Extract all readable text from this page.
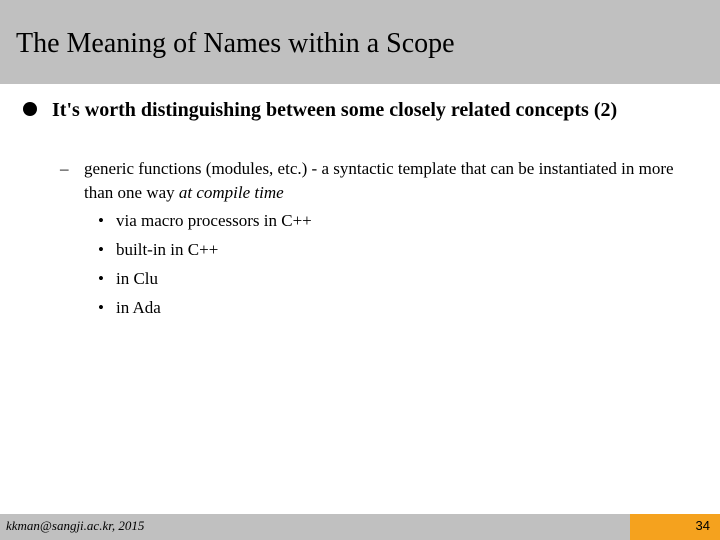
The Meaning of Names within a Scope
It's worth distinguishing between some closely related concepts (2)
– generic functions (modules, etc.) - a syntactic template that can be instantiated in more than one way at compile time
• via macro processors in C++
• built-in in C++
• in Clu
• in Ada
kkman@sangji.ac.kr, 2015	34
